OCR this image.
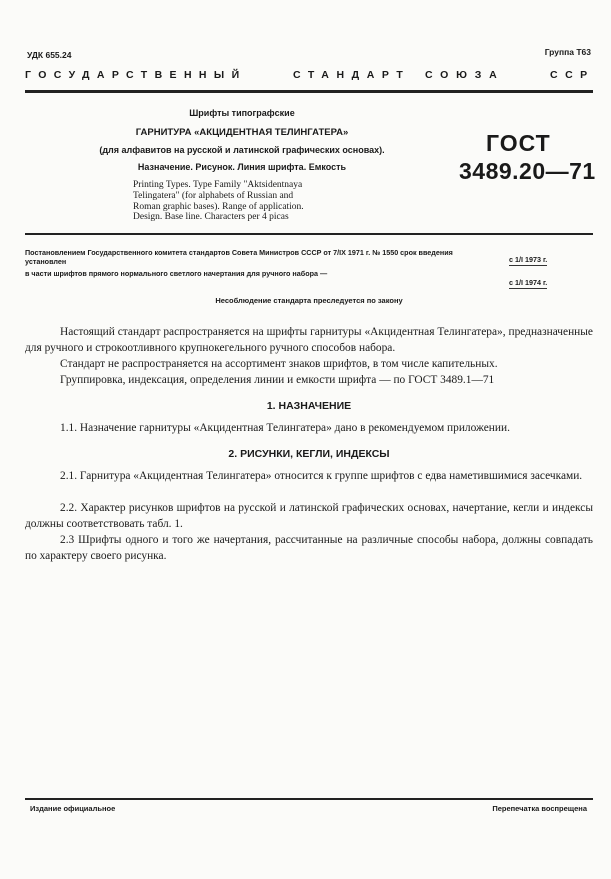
УДК 655.24	Группа Т63
ГОСУДАРСТВЕННЫЙ	СТАНДАРТ СОЮЗА	ССР
Шрифты типографские
ГАРНИТУРА «АКЦИДЕНТНАЯ ТЕЛИНГАТЕРА»
(для алфавитов на русской и латинской графических основах).
Назначение. Рисунок. Линия шрифта. Емкость
Printing Types. Type Family "Aktsidentnaya
Telingatera" (for alphabets of Russian and
Roman graphic bases). Range of application.
Design. Base line. Characters per 4 picas
ГОСТ
3489.20—71
Постановлением Государственного комитета стандартов Совета Министров СССР от 7/IX 1971 г. № 1550 срок введения
установлен	с 1/I 1973 г.
в части шрифтов прямого нормального светлого начертания для ручного набора —
с 1/I 1974 г.
Несоблюдение стандарта преследуется по закону

Настоящий стандарт распространяется на шрифты гарнитуры «Акцидентная Телингатера», предназначенные для ручного и строкоотливного крупнокегельного ручного способов набора.

Стандарт не распространяется на ассортимент знаков шрифтов, в том числе капительных.

Группировка, индексация, определения линии и емкости шрифта — по ГОСТ 3489.1—71

1. НАЗНАЧЕНИЕ

1.1. Назначение гарнитуры «Акцидентная Телингатера» дано в рекомендуемом приложении.

2. РИСУНКИ, КЕГЛИ, ИНДЕКСЫ

2.1. Гарнитура «Акцидентная Телингатера» относится к группе шрифтов с едва наметившимися засечками.

2.2. Характер рисунков шрифтов на русской и латинской графических основах, начертание, кегли и индексы должны соответствовать табл. 1.

2.3 Шрифты одного и того же начертания, рассчитанные на различные способы набора, должны совпадать по характеру своего рисунка.

Издание официальное	Перепечатка воспрещена
